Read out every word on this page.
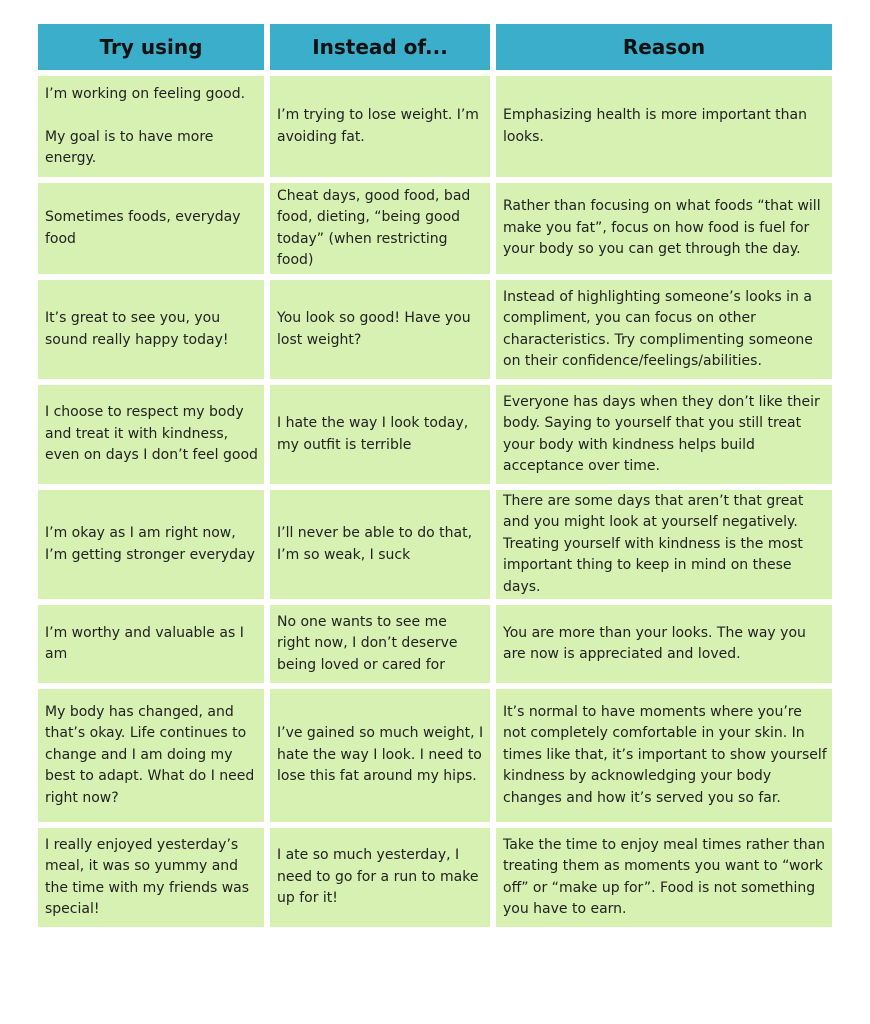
Try using	Instead of...	Reason
I’m working on feeling good.

My goal is to have more energy.
I’m trying to lose weight. I’m avoiding fat.
Emphasizing health is more important than looks.
Sometimes foods, everyday food
Cheat days, good food, bad food, dieting, “being good today” (when restricting food)
Rather than focusing on what foods “that will make you fat”, focus on how food is fuel for your body so you can get through the day.
It’s great to see you, you sound really happy today!
You look so good! Have you lost weight?
Instead of highlighting someone’s looks in a compliment, you can focus on other characteristics. Try complimenting someone on their confidence/feelings/abilities.
I choose to respect my body and treat it with kindness, even on days I don’t feel good
I hate the way I look today, my outfit is terrible
Everyone has days when they don’t like their body. Saying to yourself that you still treat your body with kindness helps build acceptance over time.
I’m okay as I am right now, I’m getting stronger everyday
I’ll never be able to do that, I’m so weak, I suck
There are some days that aren’t that great and you might look at yourself negatively. Treating yourself with kindness is the most important thing to keep in mind on these days.
I’m worthy and valuable as I am
No one wants to see me right now, I don’t deserve being loved or cared for
You are more than your looks. The way you are now is appreciated and loved.
My body has changed, and that’s okay. Life continues to change and I am doing my best to adapt. What do I need right now?
I’ve gained so much weight, I hate the way I look. I need to lose this fat around my hips.
It’s normal to have moments where you’re not completely comfortable in your skin. In times like that, it’s important to show yourself kindness by acknowledging your body changes and how it’s served you so far.
I really enjoyed yesterday’s meal, it was so yummy and the time with my friends was special!
I ate so much yesterday, I need to go for a run to make up for it!
Take the time to enjoy meal times rather than treating them as moments you want to “work off” or “make up for”. Food is not something you have to earn.
